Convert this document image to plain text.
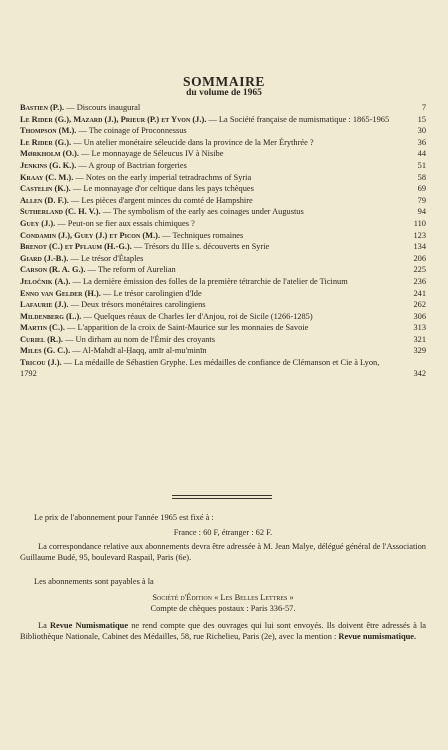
SOMMAIRE
du volume de 1965
Bastien (P.). — Discours inaugural	7
Le Rider (G.), Mazard (J.), Prieur (P.) et Yvon (J.). — La Société française de numismatique : 1865-1965	15
Thompson (M.). — The coinage of Proconnessus	30
Le Rider (G.). — Un atelier monétaire séleucide dans la province de la Mer Érythrée ?	36
Mørkholm (O.). — Le monnayage de Séleucus IV à Nisibe	44
Jenkins (G. K.). — A group of Bactrian forgeries	51
Kraay (C. M.). — Notes on the early imperial tetradrachms of Syria	58
Castelin (K.). — Le monnayage d'or celtique dans les pays tchèques	69
Allen (D. F.). — Les pièces d'argent minces du comté de Hampshire	79
Sutherland (C. H. V.). — The symbolism of the early aes coinages under Augustus	94
Guey (J.). — Peut-on se fier aux essais chimiques ?	110
Condamin (J.), Guey (J.) et Picon (M.). — Techniques romaines	123
Brenot (C.) et Pflaum (H.-G.). — Trésors du IIIe s. découverts en Syrie	134
Giard (J.-B.). — Le trésor d'Étaples	206
Carson (R. A. G.). — The reform of Aurelian	225
Jeločnik (A.). — La dernière émission des folles de la première tétrarchie de l'atelier de Ticinum	236
Enno van Gelder (H.). — Le trésor carolingien d'Ide	241
Lafaurie (J.). — Deux trésors monétaires carolingiens	262
Mildenberg (L.). — Quelques réaux de Charles Ier d'Anjou, roi de Sicile (1266-1285)	306
Martin (C.). — L'apparition de la croix de Saint-Maurice sur les monnaies de Savoie	313
Curiel (R.). — Un dirham au nom de l'Émir des croyants	321
Miles (G. C.). — Al-Mahdī al-Ḥaqq, amīr al-mu'minīn	329
Tricou (J.). — La médaille de Sébastien Gryphe. Les médailles de confiance de Clémanson et Cie à Lyon, 1792	342
Le prix de l'abonnement pour l'année 1965 est fixé à :
France : 60 F, étranger : 62 F.
La correspondance relative aux abonnements devra être adressée à M. Jean Malye, délégué général de l'Association Guillaume Budé, 95, boulevard Raspail, Paris (6e).
Les abonnements sont payables à la
Société d'Édition « Les Belles Lettres »
Compte de chèques postaux : Paris 336-57.
La Revue Numismatique ne rend compte que des ouvrages qui lui sont envoyés. Ils doivent être adressés à la Bibliothèque Nationale, Cabinet des Médailles, 58, rue Richelieu, Paris (2e), avec la mention : Revue numismatique.
